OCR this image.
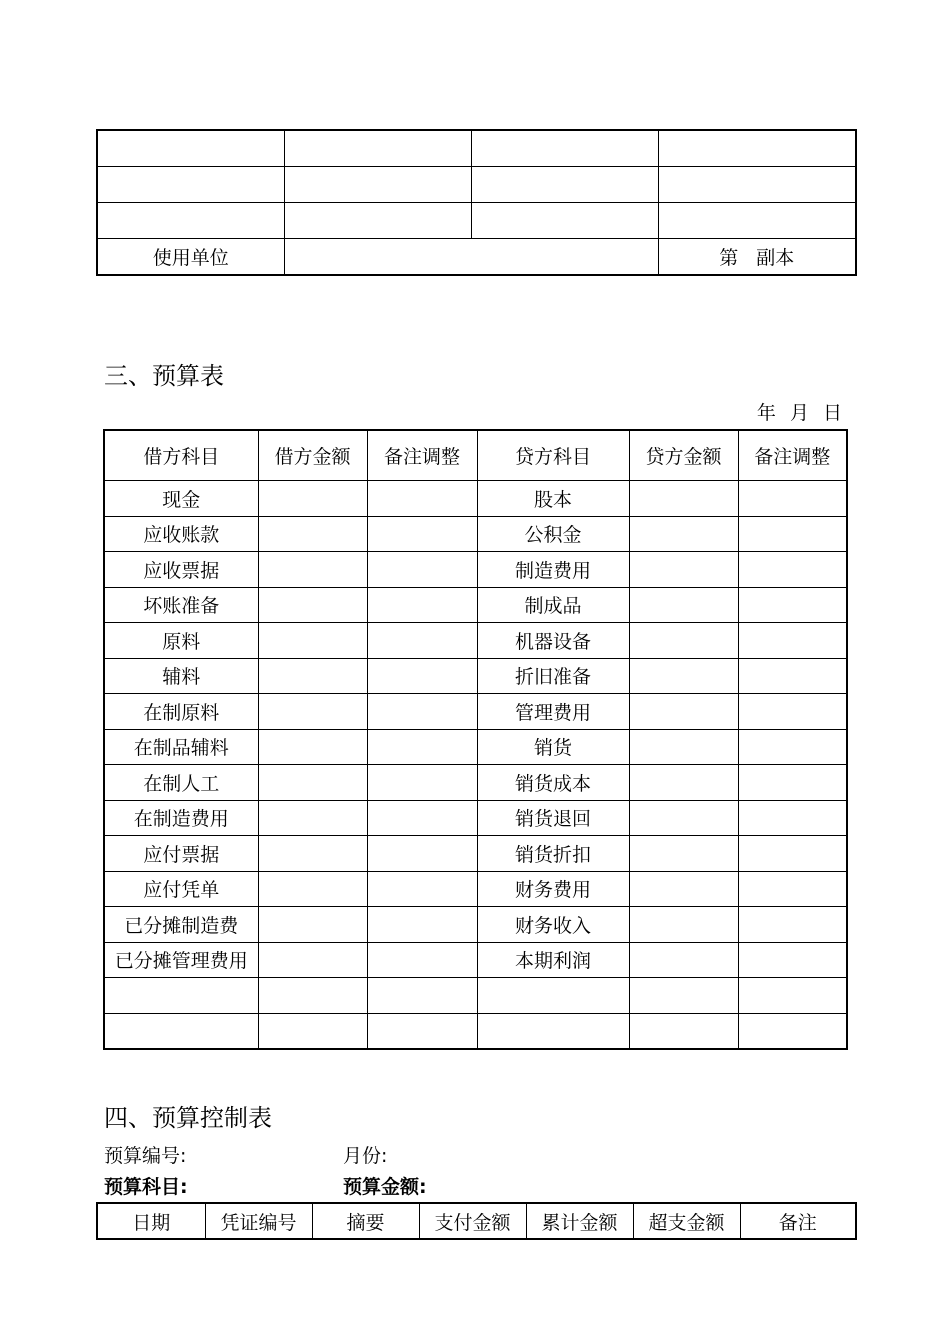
使用单位			第   副本
三、预算表
年 月 日
借方科目	借方金额	备注调整	贷方科目	贷方金额	备注调整
现金			股本		
应收账款			公积金		
应收票据			制造费用		
坏账准备			制成品		
原料			机器设备		
辅料			折旧准备		
在制原料			管理费用		
在制品辅料			销货		
在制人工			销货成本		
在制造费用			销货退回		
应付票据			销货折扣		
应付凭单			财务费用		
已分摊制造费			财务收入		
已分摊管理费用			本期利润		

四、预算控制表
预算编号:	月份:
预算科目:	预算金额:
日期	凭证编号	摘要	支付金额	累计金额	超支金额	备注
